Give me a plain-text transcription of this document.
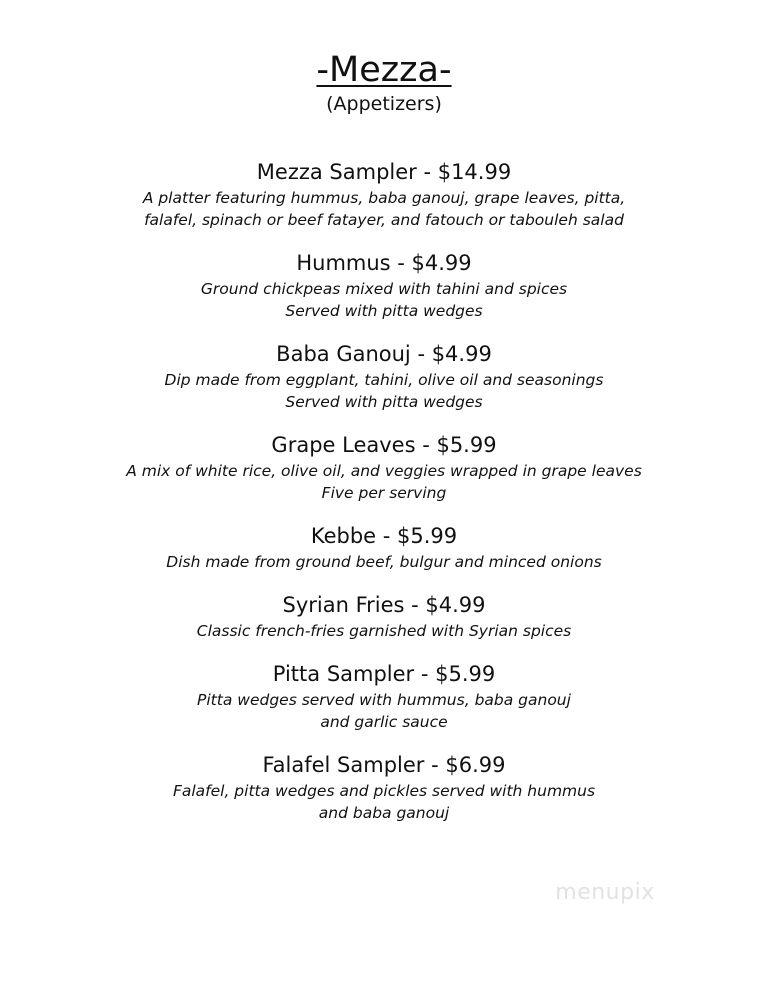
-Mezza-
(Appetizers)
Mezza Sampler - $14.99
A platter featuring hummus, baba ganouj, grape leaves, pitta,
falafel, spinach or beef fatayer, and fatouch or tabouleh salad
Hummus - $4.99
Ground chickpeas mixed with tahini and spices
Served with pitta wedges
Baba Ganouj - $4.99
Dip made from eggplant, tahini, olive oil and seasonings
Served with pitta wedges
Grape Leaves - $5.99
A mix of white rice, olive oil, and veggies wrapped in grape leaves
Five per serving
Kebbe - $5.99
Dish made from ground beef, bulgur and minced onions
Syrian Fries - $4.99
Classic french-fries garnished with Syrian spices
Pitta Sampler - $5.99
Pitta wedges served with hummus, baba ganouj
and garlic sauce
Falafel Sampler - $6.99
Falafel, pitta wedges and pickles served with hummus
and baba ganouj
menupix
